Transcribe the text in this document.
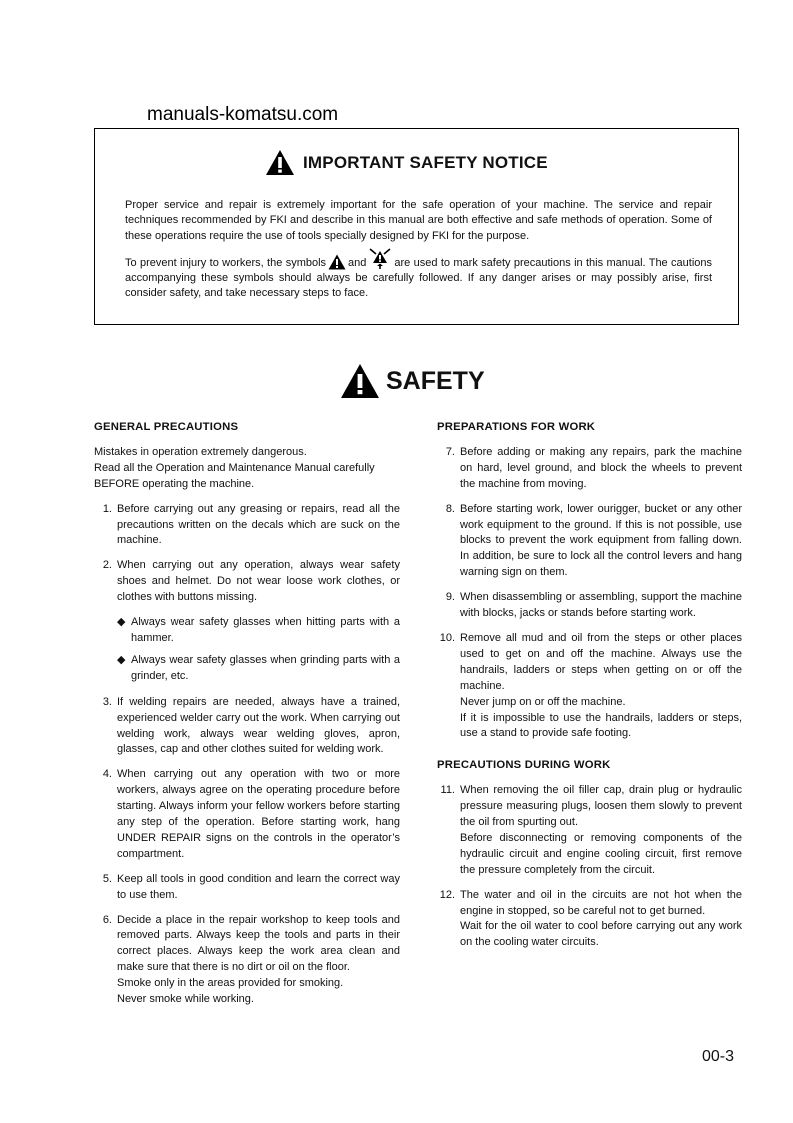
manuals-komatsu.com
IMPORTANT SAFETY NOTICE

Proper service and repair is extremely important for the safe operation of your machine. The service and repair techniques recommended by FKI and describe in this manual are both effective and safe methods of operation. Some of these operations require the use of tools specially designed by FKI for the purpose.

To prevent injury to workers, the symbols and	are used to mark safety precautions in this manual. The cautions accompanying these symbols should always be carefully followed. If any danger arises or may possibly arise, first consider safety, and take necessary steps to face.

SAFETY
GENERAL PRECAUTIONS
Mistakes in operation extremely dangerous.
Read all the Operation and Maintenance Manual carefully BEFORE operating the machine.
1. Before carrying out any greasing or repairs, read all the precautions written on the decals which are suck on the machine.

2. When carrying out any operation, always wear safety shoes and helmet. Do not wear loose work clothes, or clothes with buttons missing.

◆ Always wear safety glasses when hitting parts with a hammer.
◆ Always wear safety glasses when grinding parts with a grinder, etc.
3. If welding repairs are needed, always have a trained, experienced welder carry out the work. When carrying out welding work, always wear welding gloves, apron, glasses, cap and other clothes suited for welding work.

4. When carrying out any operation with two or more workers, always agree on the operating procedure before starting. Always inform your fellow workers before starting any step of the operation. Before starting work, hang UNDER REPAIR signs on the controls in the operator’s compartment.

5. Keep all tools in good condition and learn the correct way to use them.

6. Decide a place in the repair workshop to keep tools and removed parts. Always keep the tools and parts in their correct places. Always keep the work area clean and make sure that there is no dirt or oil on the floor.

Smoke only in the areas provided for smoking.

Never smoke while working.

PREPARATIONS FOR WORK
7. Before adding or making any repairs, park the machine on hard, level ground, and block the wheels to prevent the machine from moving.

8. Before starting work, lower ourigger, bucket or any other work equipment to the ground. If this is not possible, use blocks to prevent the work equipment from falling down. In addition, be sure to lock all the control levers and hang warning sign on them.

9. When disassembling or assembling, support the machine with blocks, jacks or stands before starting work.

10. Remove all mud and oil from the steps or other places used to get on and off the machine. Always use the handrails, ladders or steps when getting on or off the machine.

Never jump on or off the machine.

If it is impossible to use the handrails, ladders or steps, use a stand to provide safe footing.

PRECAUTIONS DURING WORK
11. When removing the oil filler cap, drain plug or hydraulic pressure measuring plugs, loosen them slowly to prevent the oil from spurting out.

Before disconnecting or removing components of the hydraulic circuit and engine cooling circuit, first remove the pressure completely from the circuit.

12. The water and oil in the circuits are not hot when the engine in stopped, so be careful not to get burned.

Wait for the oil water to cool before carrying out any work on the cooling water circuits.

00-3
